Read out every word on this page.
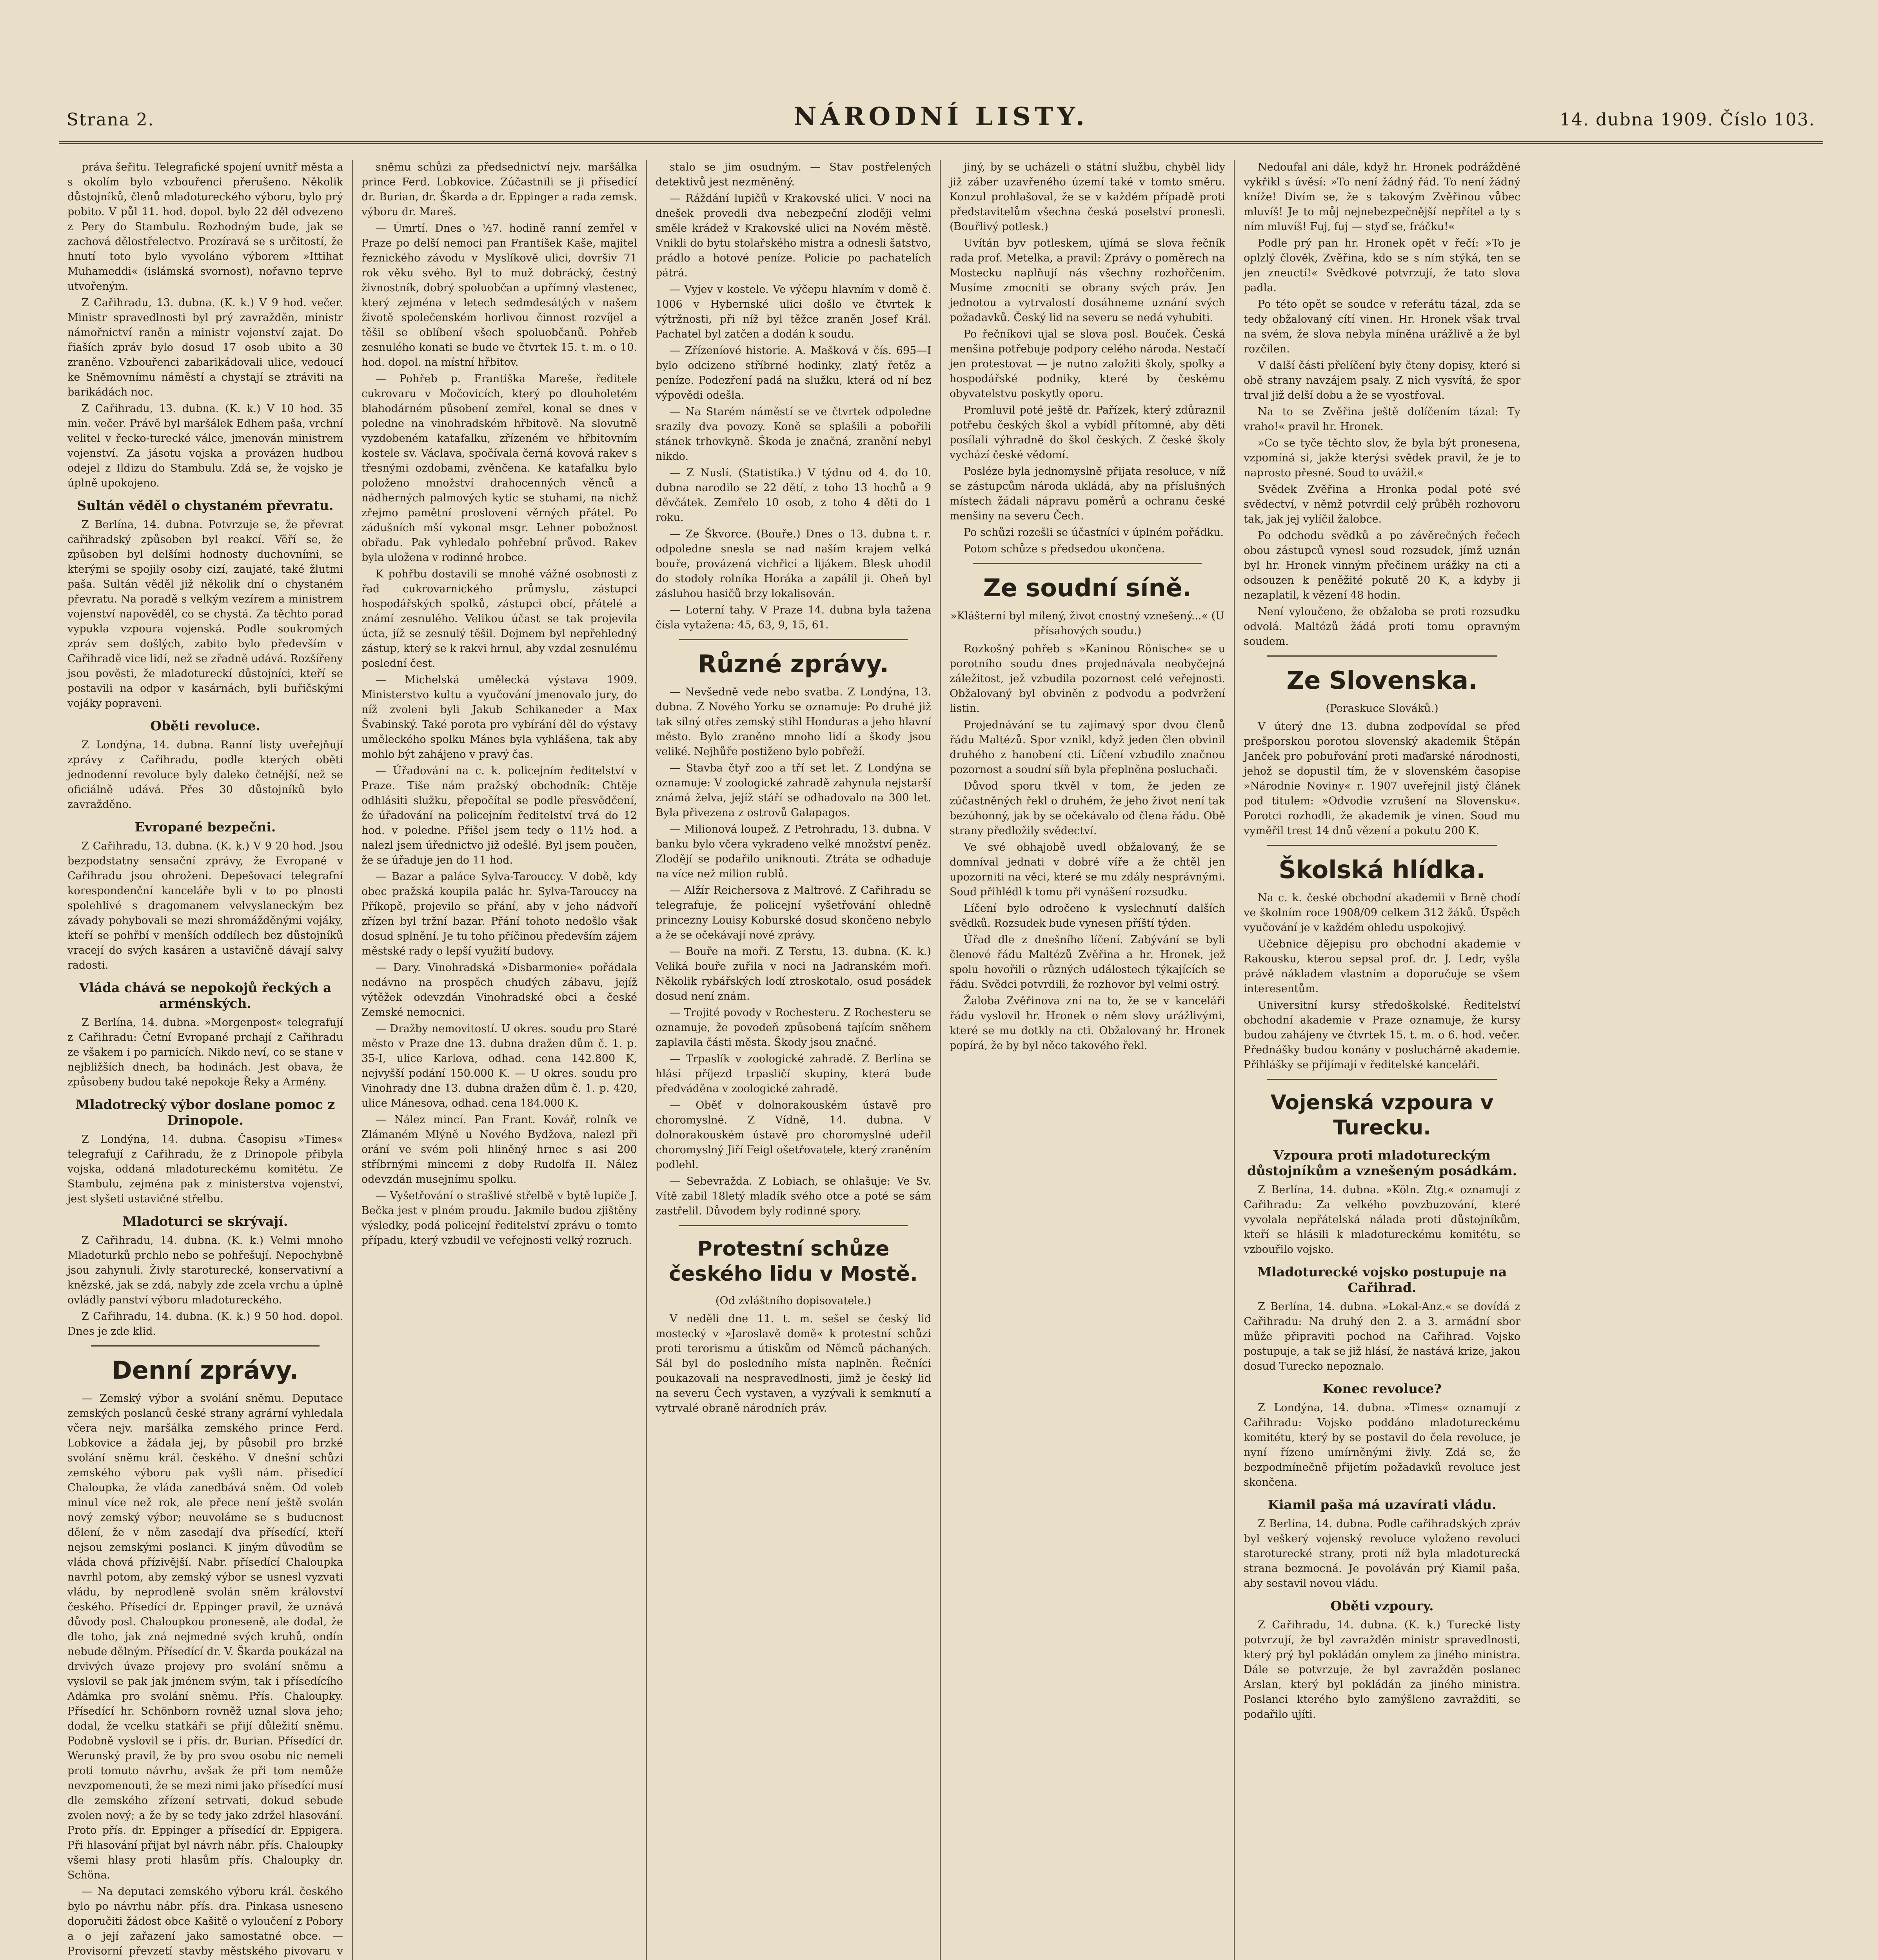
Strana 2.	NÁRODNÍ LISTY.	14. dubna 1909. Číslo 103.

práva šeřitu. Telegrafické spojení uvnitř města a s okolím bylo vzbouřenci přerušeno. Několik důstojníků, členů mladotureckého výboru, bylo prý pobito. V půl 11. hod. dopol. bylo 22 děl odvezeno z Pery do Stambulu. Rozhodným bude, jak se zachová dělostřelectvo. Prozíravá se s určitostí, že hnutí toto bylo vyvoláno výborem »Ittihat Muhameddi« (islámská svornost), nořavno teprve utvořeným.

Z Cařihradu, 13. dubna. (K. k.) V 9 hod. večer. Ministr spravedlnosti byl prý zavražděn, ministr námořnictví raněn a ministr vojenství zajat. Do řiaších zpráv bylo dosud 17 osob ubito a 30 zraněno. Vzbouřenci zabarikádovali ulice, vedoucí ke Sněmovnímu náměstí a chystají se ztráviti na barikádách noc.

Z Cařihradu, 13. dubna. (K. k.) V 10 hod. 35 min. večer. Právě byl maršálek Edhem paša, vrchní velitel v řecko-turecké válce, jmenován ministrem vojenství. Za jásotu vojska a provázen hudbou odejel z Ildizu do Stambulu. Zdá se, že vojsko je úplně upokojeno.

Sultán věděl o chystaném převratu.

Z Berlína, 14. dubna. Potvrzuje se, že převrat cařihradský způsoben byl reakcí. Věří se, že způsoben byl delšími hodnosty duchovními, se kterými se spojily osoby cizí, zaujaté, také žlutmi paša. Sultán věděl již několik dní o chystaném převratu. Na poradě s velkým vezírem a ministrem vojenství napověděl, co se chystá. Za těchto porad vypukla vzpoura vojenská. Podle soukromých zpráv sem došlých, zabito bylo především v Cařihradě vice lidí, než se zřadně udává. Rozšířeny jsou pověsti, že mladotureckí důstojníci, kteří se postavili na odpor v kasárnách, byli buřičskými vojáky popraveni.

Oběti revoluce.

Z Londýna, 14. dubna. Ranní listy uveřejňují zprávy z Cařihradu, podle kterých oběti jednodenní revoluce byly daleko četnější, než se oficiálně udává. Přes 30 důstojníků bylo zavražděno.

Evropané bezpečni.

Z Cařihradu, 13. dubna. (K. k.) V 9 20 hod. Jsou bezpodstatny sensační zprávy, že Evropané v Cařihradu jsou ohroženi. Depešovací telegrafní korespondenční kanceláře byli v to po plnosti spolehlivé s dragomanem velvyslaneckým bez závady pohybovali se mezi shromážděnými vojáky, kteří se pohřbí v menších oddílech bez důstojníků vracejí do svých kasáren a ustavičně dávají salvy radosti.

Vláda chává se nepokojů řeckých a arménských.

Z Berlína, 14. dubna. »Morgenpost« telegrafují z Cařihradu: Četní Evropané prchají z Cařihradu ze všakem i po parnicích. Nikdo neví, co se stane v nejbližších dnech, ba hodinách. Jest obava, že způsobeny budou také nepokoje Řeky a Armény.

Mladotrecký výbor doslane pomoc z Drinopole.

Z Londýna, 14. dubna. Časopisu »Times« telegrafují z Cařihradu, že z Drinopole přibyla vojska, oddaná mladotureckému komitétu. Ze Stambulu, zejména pak z ministerstva vojenství, jest slyšeti ustavičné střelbu.

Mladoturci se skrývají.

Z Cařihradu, 14. dubna. (K. k.) Velmi mnoho Mladoturků prchlo nebo se pohřešují. Nepochybně jsou zahynuli. Živly staroturecké, konservativní a knězské, jak se zdá, nabyly zde zcela vrchu a úplně ovládly panství výboru mladotureckého.

Z Cařihradu, 14. dubna. (K. k.) 9 50 hod. dopol. Dnes je zde klid.

Denní zprávy.

— Zemský výbor a svolání sněmu. Deputace zemských poslanců české strany agrární vyhledala včera nejv. maršálka zemského prince Ferd. Lobkovice a žádala jej, by působil pro brzké svolání sněmu král. českého. V dnešní schůzi zemského výboru pak vyšli nám. přísedící Chaloupka, že vláda zanedbává sněm. Od voleb minul více než rok, ale přece není ještě svolán nový zemský výbor; neuvoláme se s buducnost dělení, že v něm zasedají dva přísedící, kteří nejsou zemskými poslanci. K jiným důvodům se vláda chová přízivější. Nabr. přísedící Chaloupka navrhl potom, aby zemský výbor se usnesl vyzvati vládu, by neprodleně svolán sněm království českého. Přísedící dr. Eppinger pravil, že uznává důvody posl. Chaloupkou proneseně, ale dodal, že dle toho, jak zná nejmedné svých kruhů, ondín nebude dělným. Přísedící dr. V. Škarda poukázal na drvivých úvaze projevy pro svolání sněmu a vyslovil se pak jak jménem svým, tak i přísedícího Adámka pro svolání sněmu. Přís. Chaloupky. Přísedící hr. Schönborn rovněž uznal slova jeho; dodal, že vcelku statkáři se přijí důležití sněmu. Podobně vyslovil se i přís. dr. Burian. Přísedící dr. Werunský pravil, že by pro svou osobu nic nemeli proti tomuto návrhu, avšak že při tom nemůže nevzpomenouti, že se mezi nimi jako přísedící musí dle zemského zřízení setrvati, dokud sebude zvolen nový; a že by se tedy jako zdržel hlasování. Proto přís. dr. Eppinger a přísedící dr. Eppigera. Při hlasování přijat byl návrh nábr. přís. Chaloupky všemi hlasy proti hlasům přís. Chaloupky dr. Schöna.

— Na deputaci zemského výboru král. českého bylo po návrhu nábr. přís. dra. Pinkasa usneseno doporučiti žádost obce Kašitě o vyloučení z Pobory a o její zařazení jako samostatné obce. — Provisorní převzetí stavby městského pivovaru v

sněmu schůzi za předsednictví nejv. maršálka prince Ferd. Lobkovice. Zúčastnili se ji přísedící dr. Burian, dr. Škarda a dr. Eppinger a rada zemsk. výboru dr. Mareš.

— Úmrtí. Dnes o ½7. hodině ranní zemřel v Praze po delší nemoci pan František Kaše, majitel řeznického závodu v Myslíkově ulici, dovršiv 71 rok věku svého. Byl to muž dobrácký, čestný živnostník, dobrý spoluobčan a upřímný vlastenec, který zejména v letech sedmdesátých v našem životě společenském horlivou činnost rozvíjel a těšil se oblíbení všech spoluobčanů. Pohřeb zesnulého konati se bude ve čtvrtek 15. t. m. o 10. hod. dopol. na místní hřbitov.

— Pohřeb p. Františka Mareše, ředitele cukrovaru v Močovicích, který po dlouholetém blahodárném působení zemřel, konal se dnes v poledne na vinohradském hřbitově. Na slovutně vyzdobeném katafalku, zřízeném ve hřbitovním kostele sv. Václava, spočívala černá kovová rakev s třesnými ozdobami, zvěnčena. Ke katafalku bylo položeno množství drahocenných věnců a nádherných palmových kytic se stuhami, na nichž zřejmo pamětní proslovení věrných přátel. Po zádušních mší vykonal msgr. Lehner pobožnost obřadu. Pak vyhledalo pohřební průvod. Rakev byla uložena v rodinné hrobce.

K pohřbu dostavili se mnohé vážné osobnosti z řad cukrovarnického průmyslu, zástupci hospodářských spolků, zástupci obcí, přátelé a známí zesnulého. Velikou účast se tak projevila úcta, jíž se zesnulý těšil. Dojmem byl nepřehledný zástup, který se k rakvi hrnul, aby vzdal zesnulému poslední čest.

— Michelská umělecká výstava 1909. Ministerstvo kultu a vyučování jmenovalo jury, do níž zvoleni byli Jakub Schikaneder a Max Švabinský. Také porota pro vybírání děl do výstavy uměleckého spolku Mánes byla vyhlášena, tak aby mohlo být zahájeno v pravý čas.

— Úřadování na c. k. policejním ředitelství v Praze. Tiše nám pražský obchodník: Chtěje odhlásiti služku, přepočítal se podle přesvědčení, že úřadování na policejním ředitelství trvá do 12 hod. v poledne. Přišel jsem tedy o 11½ hod. a nalezl jsem úřednictvo již odešlé. Byl jsem poučen, že se úřaduje jen do 11 hod.

— Bazar a paláce Sylva-Tarouccy. V době, kdy obec pražská koupila palác hr. Sylva-Tarouccy na Příkopě, projevilo se přání, aby v jeho nádvoří zřízen byl tržní bazar. Přání tohoto nedošlo však dosud splnění. Je tu toho příčinou především zájem městské rady o lepší využití budovy.

— Dary. Vinohradská »Disbarmonie« pořádala nedávno na prospěch chudých zábavu, jejíž výtěžek odevzdán Vinohradské obci a české Zemské nemocnici.

— Dražby nemovitostí. U okres. soudu pro Staré město v Praze dne 13. dubna dražen dům č. 1. p. 35-I, ulice Karlova, odhad. cena 142.800 K, nejvyšší podání 150.000 K. — U okres. soudu pro Vinohrady dne 13. dubna dražen dům č. 1. p. 420, ulice Mánesova, odhad. cena 184.000 K.

— Nález mincí. Pan Frant. Kovář, rolník ve Zlámaném Mlýně u Nového Bydžova, nalezl při orání ve svém poli hliněný hrnec s asi 200 stříbrnými mincemi z doby Rudolfa II. Nález odevzdán musejnímu spolku.

— Vyšetřování o strašlivé střelbě v bytě lupiče J. Bečka jest v plném proudu. Jakmile budou zjištěny výsledky, podá policejní ředitelství zprávu o tomto případu, který vzbudil ve veřejnosti velký rozruch.

stalo se jim osudným. — Stav postřelených detektivů jest nezměněný.

— Ráždání lupičů v Krakovské ulici. V noci na dnešek provedli dva nebezpeční zloději velmi směle krádež v Krakovské ulici na Novém městě. Vnikli do bytu stolařského mistra a odnesli šatstvo, prádlo a hotové peníze. Policie po pachatelích pátrá.

— Vyjev v kostele. Ve výčepu hlavním v domě č. 1006 v Hybernské ulici došlo ve čtvrtek k výtržnosti, při níž byl těžce zraněn Josef Král. Pachatel byl zatčen a dodán k soudu.

— Zřízeníové historie. A. Mašková v čís. 695—I bylo odcizeno stříbrné hodinky, zlatý řetěz a peníze. Podezření padá na služku, která od ní bez výpovědi odešla.

— Na Starém náměstí se ve čtvrtek odpoledne srazily dva povozy. Koně se splašili a pobořili stánek trhovkyně. Škoda je značná, zranění nebyl nikdo.

— Z Nuslí. (Statistika.) V týdnu od 4. do 10. dubna narodilo se 22 dětí, z toho 13 hochů a 9 děvčátek. Zemřelo 10 osob, z toho 4 děti do 1 roku.

— Ze Škvorce. (Bouře.) Dnes o 13. dubna t. r. odpoledne snesla se nad naším krajem velká bouře, provázená vichřicí a lijákem. Blesk uhodil do stodoly rolníka Horáka a zapálil ji. Oheň byl zásluhou hasičů brzy lokalisován.

— Loterní tahy. V Praze 14. dubna byla tažena čísla vytažena: 45, 63, 9, 15, 61.

Různé zprávy.

— Nevšedně vede nebo svatba. Z Londýna, 13. dubna. Z Nového Yorku se oznamuje: Po druhé již tak silný otřes zemský stihl Honduras a jeho hlavní město. Bylo zraněno mnoho lidí a škody jsou veliké. Nejhůře postiženo bylo pobřeží.

— Stavba čtyř zoo a tří set let. Z Londýna se oznamuje: V zoologické zahradě zahynula nejstarší známá želva, jejíž stáří se odhadovalo na 300 let. Byla přivezena z ostrovů Galapagos.

— Milionová loupež. Z Petrohradu, 13. dubna. V banku bylo včera vykradeno velké množství peněz. Zlodějí se podařilo uniknouti. Ztráta se odhaduje na více než milion rublů.

— Alžír Reichersova z Maltrové. Z Cařihradu se telegrafuje, že policejní vyšetřování ohledně princezny Louisy Koburské dosud skončeno nebylo a že se očekávají nové zprávy.

— Bouře na moři. Z Terstu, 13. dubna. (K. k.) Veliká bouře zuřila v noci na Jadranském moři. Několik rybářských lodí ztroskotalo, osud posádek dosud není znám.

— Trojité povody v Rochesteru. Z Rochesteru se oznamuje, že povodeň způsobená tajícím sněhem zaplavila části města. Škody jsou značné.

— Trpaslík v zoologické zahradě. Z Berlína se hlásí příjezd trpasličí skupiny, která bude předváděna v zoologické zahradě.

— Oběť v dolnorakouském ústavě pro choromyslné. Z Vídně, 14. dubna. V dolnorakouském ústavě pro choromyslné udeřil choromyslný Jiří Feigl ošetřovatele, který zraněním podlehl.

— Sebevražda. Z Lobiach, se ohlašuje: Ve Sv. Vítě zabil 18letý mladík svého otce a poté se sám zastřelil. Důvodem byly rodinné spory.

Protestní schůze českého lidu v Mostě.
(Od zvláštního dopisovatele.)

V neděli dne 11. t. m. sešel se český lid mostecký v »Jaroslavě domě« k protestní schůzi proti terorismu a útiskům od Němců páchaných. Sál byl do posledního místa naplněn. Řečníci poukazovali na nespravedlnosti, jimž je český lid na severu Čech vystaven, a vyzývali k semknutí a vytrvalé obraně národních práv.

jiný, by se ucházeli o státní službu, chyběl lidy již záber uzavřeného území také v tomto směru. Konzul prohlašoval, že se v každém případě proti představitelům všechna česká poselství pronesli. (Bouřlivý potlesk.)

Uvítán byv potleskem, ujímá se slova řečník rada prof. Metelka, a pravil: Zprávy o poměrech na Mostecku naplňují nás všechny rozhořčením. Musíme zmocniti se obrany svých práv. Jen jednotou a vytrvalostí dosáhneme uznání svých požadavků. Český lid na severu se nedá vyhubiti.

Po řečníkovi ujal se slova posl. Bouček. Česká menšina potřebuje podpory celého národa. Nestačí jen protestovat — je nutno založiti školy, spolky a hospodářské podniky, které by českému obyvatelstvu poskytly oporu.

Promluvil poté ještě dr. Pařízek, který zdůraznil potřebu českých škol a vybídl přítomné, aby děti posílali výhradně do škol českých. Z české školy vychází české vědomí.

Posléze byla jednomyslně přijata resoluce, v níž se zástupcům národa ukládá, aby na příslušných místech žádali nápravu poměrů a ochranu české menšiny na severu Čech.

Po schůzi rozešli se účastníci v úplném pořádku.

Potom schůze s předsedou ukončena.

Ze soudní síně.
»Klášterní byl milený, život cnostný vznešený...« (U přísahových soudu.)

Rozkošný pohřeb s »Kaninou Rönische« se u porotního soudu dnes projednávala neobyčejná záležitost, jež vzbudila pozornost celé veřejnosti. Obžalovaný byl obviněn z podvodu a podvržení listin.

Projednávání se tu zajímavý spor dvou členů řádu Maltézů. Spor vznikl, když jeden člen obvinil druhého z hanobení cti. Líčení vzbudilo značnou pozornost a soudní síň byla přeplněna posluchači.

Důvod sporu tkvěl v tom, že jeden ze zúčastněných řekl o druhém, že jeho život není tak bezúhonný, jak by se očekávalo od člena řádu. Obě strany předložily svědectví.

Ve své obhajobě uvedl obžalovaný, že se domníval jednati v dobré víře a že chtěl jen upozorniti na věci, které se mu zdály nesprávnými. Soud přihlédl k tomu při vynášení rozsudku.

Líčení bylo odročeno k vyslechnutí dalších svědků. Rozsudek bude vynesen příští týden.

Úřad dle z dnešního líčení. Zabývání se byli členové řádu Maltézů Zvěřina a hr. Hronek, jež spolu hovořili o různých událostech týkajících se řádu. Svědci potvrdili, že rozhovor byl velmi ostrý.

Žaloba Zvěřinova zní na to, že se v kanceláři řádu vyslovil hr. Hronek o něm slovy urážlivými, které se mu dotkly na cti. Obžalovaný hr. Hronek popírá, že by byl něco takového řekl.

Nedoufal ani dále, když hr. Hronek podrážděné vykřikl s úvěsí: »To není žádný řád. To není žádný kníže! Divím se, že s takovým Zvěřinou vůbec mluvíš! Je to můj nejnebezpečnější nepřítel a ty s ním mluvíš! Fuj, fuj — styď se, fráčku!«

Podle prý pan hr. Hronek opět v řečí: »To je oplzlý člověk, Zvěřina, kdo se s ním stýká, ten se jen zneuctí!« Svědkové potvrzují, že tato slova padla.

Po této opět se soudce v referátu tázal, zda se tedy obžalovaný cítí vinen. Hr. Hronek však trval na svém, že slova nebyla míněna urážlivě a že byl rozčilen.

V další části přelíčení byly čteny dopisy, které si obě strany navzájem psaly. Z nich vysvítá, že spor trval již delší dobu a že se vyostřoval.

Na to se Zvěřina ještě dolíčením tázal: Ty vraho!« pravil hr. Hronek.

»Co se tyče těchto slov, že byla být pronesena, vzpomíná si, jakže kterýsi svědek pravil, že je to naprosto přesné. Soud to uvážil.«

Svědek Zvěřina a Hronka podal poté své svědectví, v němž potvrdil celý průběh rozhovoru tak, jak jej vylíčil žalobce.

Po odchodu svědků a po závěrečných řečech obou zástupců vynesl soud rozsudek, jímž uznán byl hr. Hronek vinným přečinem urážky na cti a odsouzen k peněžité pokutě 20 K, a kdyby ji nezaplatil, k vězení 48 hodin.

Není vyloučeno, že obžaloba se proti rozsudku odvolá. Maltézů žádá proti tomu opravným soudem.

Ze Slovenska.
(Peraskuce Slováků.)

V úterý dne 13. dubna zodpovídal se před prešporskou porotou slovenský akademik Štěpán Janček pro pobuřování proti maďarské národnosti, jehož se dopustil tím, že v slovenském časopise »Národnie Noviny« r. 1907 uveřejnil jistý článek pod titulem: »Odvodie vzrušení na Slovensku«. Porotci rozhodli, že akademik je vinen. Soud mu vyměřil trest 14 dnů vězení a pokutu 200 K.

Školská hlídka.

Na c. k. české obchodní akademii v Brně chodí ve školním roce 1908/09 celkem 312 žáků. Úspěch vyučování je v každém ohledu uspokojivý.

Učebnice dějepisu pro obchodní akademie v Rakousku, kterou sepsal prof. dr. J. Ledr, vyšla právě nákladem vlastním a doporučuje se všem interesentům.

Universitní kursy středoškolské. Ředitelství obchodní akademie v Praze oznamuje, že kursy budou zahájeny ve čtvrtek 15. t. m. o 6. hod. večer. Přednášky budou konány v posluchárně akademie. Přihlášky se přijímají v ředitelské kanceláři.

Vojenská vzpoura v Turecku.
Vzpoura proti mladotureckým důstojníkům a vznešeným posádkám.

Z Berlína, 14. dubna. »Köln. Ztg.« oznamují z Cařihradu: Za velkého povzbuzování, které vyvolala nepřátelská nálada proti důstojníkům, kteří se hlásili k mladotureckému komitétu, se vzbouřilo vojsko.

Mladoturecké vojsko postupuje na Cařihrad.

Z Berlína, 14. dubna. »Lokal-Anz.« se dovídá z Cařihradu: Na druhý den 2. a 3. armádní sbor může připraviti pochod na Cařihrad. Vojsko postupuje, a tak se již hlásí, že nastává krize, jakou dosud Turecko nepoznalo.

Konec revoluce?

Z Londýna, 14. dubna. »Times« oznamují z Cařihradu: Vojsko poddáno mladotureckému komitétu, který by se postavil do čela revoluce, je nyní řízeno umírněnými živly. Zdá se, že bezpodmínečně přijetím požadavků revoluce jest skončena.

Kiamil paša má uzavírati vládu.

Z Berlína, 14. dubna. Podle cařihradských zpráv byl veškerý vojenský revoluce vyloženo revoluci staroturecké strany, proti níž byla mladoturecká strana bezmocná. Je povoláván prý Kiamil paša, aby sestavil novou vládu.

Oběti vzpoury.

Z Cařihradu, 14. dubna. (K. k.) Turecké listy potvrzují, že byl zavražděn ministr spravedlnosti, který prý byl pokládán omylem za jiného ministra. Dále se potvrzuje, že byl zavražděn poslanec Arslan, který byl pokládán za jiného ministra. Poslanci kterého bylo zamýšleno zavražditi, se podařilo ujíti.
